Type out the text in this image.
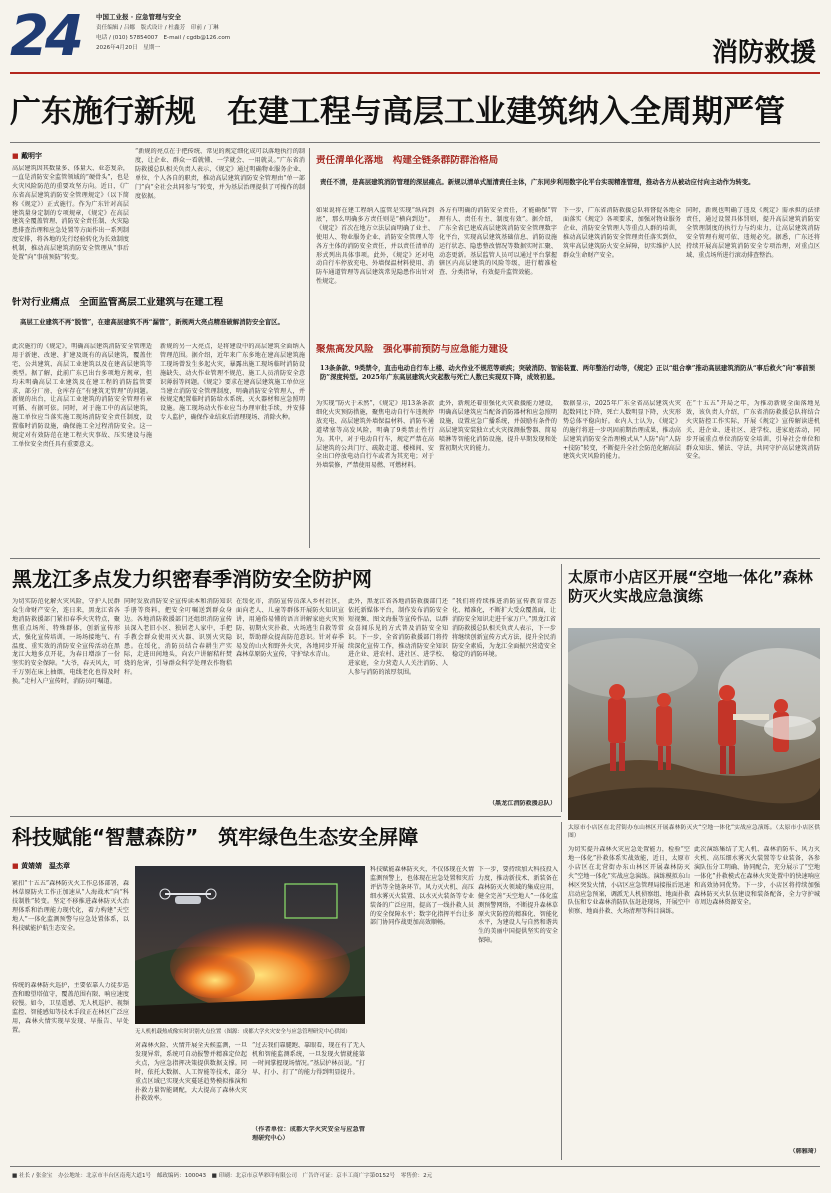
24	中国工业报 · 应急管理与安全
责任编辑 / 吕娜　版式设计 / 杜鑫芳　印前 / 丁琳
电话 / (010) 57854007　E-mail / cgdb@126.com
2026年4月20日　星期一	消防救援
广东施行新规　在建工程与高层工业建筑纳入全周期严管
■ 戴明宇
高层建筑因其数量多、体量大、业态复杂，一直是消防安全监管领域的“硬骨头”，也是火灾风险防范的重要攻坚方向。近日，《广东省高层建筑消防安全管理规定》（以下简称《规定》）正式施行。作为广东针对高层建筑量身定制的专项规章，《规定》在高层建筑全覆盖管理、消防安全责任制、火灾隐患排查治理和应急处置等方面作出一系列制度安排，将各地的先行经验转化为长效制度机制，推动高层建筑消防安全管理从“事后处置”向“事前预防”转变。
“新规的亮点在于把传统、常见的规定细化成可以落地执行的制度，让企业、群众一看就懂、一学就会、一用就灵。”广东省消防救援总队相关负责人表示，《规定》通过明确物业服务企业、单位、个人各自的职责，推动高层建筑消防安全管理由“单一部门”向“全社会共同参与”转变，并为基层治理提供了可操作的制度依据。
针对行业痛点　全面监管高层工业建筑与在建工程
高层工业建筑不再“脱管”，在建高层建筑不再“漏管”，新规两大亮点精准破解消防安全盲区。
此次施行的《规定》，明确高层建筑消防安全管理适用于新建、改建、扩建及既有的高层建筑，覆盖住宅、公共建筑、高层工业建筑以及在建高层建筑等类型。据了解，此前广东已出台多项地方规章，但均未明确高层工业建筑及在建工程的消防监管要求，部分厂房、仓库存在“有建筑无管理”的问题。新规的出台，让高层工业建筑的消防安全管理有章可循、有据可依。同时，对于施工中的高层建筑，施工单位应当落实施工现场消防安全责任制度，设置临时消防设施，确保施工全过程消防安全。这一规定对有效防范在建工程火灾事故、压实建设与施工单位安全责任具有重要意义。
新规的另一大亮点，是将建设中的高层建筑全面纳入管理范围。据介绍，近年来广东多地在建高层建筑施工现场曾发生多起火灾，暴露出施工现场临时消防设施缺失、动火作业管理不规范、施工人员消防安全意识薄弱等问题。《规定》要求在建高层建筑施工单位应当建立消防安全管理制度，明确消防安全管理人，并按规定配置临时消防给水系统、灭火器材和应急照明设施。施工现场动火作业应当办理审批手续，并安排专人监护，确保作业结束后清理现场、消除火种。
责任清单化落地　构建全链条群防群治格局
责任不清，是高层建筑消防管理的深层痛点。新规以清单式厘清责任主体，广东同步利用数字化平台实现精准管理，推动各方从被动应付向主动作为转变。
如果说将在建工程纳入监管是实现“纵向到底”，那么明确多方责任则是“横向到边”。《规定》首次在地方立法层面明确了业主、使用人、物业服务企业、消防安全管理人等各方主体的消防安全责任，并以责任清单的形式列出具体事项。此外，《规定》还对电动自行车停放充电、外墙保温材料使用、消防车通道管理等高层建筑常见隐患作出针对性规定。
各方有明确的消防安全责任，才能确保“管理有人、责任有主、制度有效”。据介绍，广东全省已建成高层建筑消防安全管理数字化平台，实现高层建筑基础信息、消防设施运行状态、隐患整改情况等数据实时汇聚、动态更新。基层监管人员可以通过平台掌握辖区内高层建筑的风险等级，进行精准检查、分类指导，有效提升监管效能。
下一步，广东省消防救援总队将督促各地全面落实《规定》各项要求，加强对物业服务企业、消防安全管理人等重点人群的培训，推动高层建筑消防安全管理责任落实到位，筑牢高层建筑防火安全屏障，切实维护人民群众生命财产安全。
同时，新规也明确了违反《规定》需承担的法律责任，通过设置具体罚则，提升高层建筑消防安全管理制度的执行力与约束力，让高层建筑消防安全管理有规可依、违规必究。据悉，广东还将持续开展高层建筑消防安全专项治理，对重点区域、重点场所进行滚动排查整治。
聚焦高发风险　强化事前预防与应急能力建设
13条条款、9类禁令，直击电动自行车上楼、动火作业不规范等顽疾；突破消防、智能装置、两年整治行动等，《规定》正以“组合拳”推动高层建筑消防从“事后救火”向“事前预防”深度转型。2025年广东高层建筑火灾起数与死亡人数已实现双下降，成效初显。
为实现“防火于未然”，《规定》用13条条款细化火灾预防措施，聚焦电动自行车违规停放充电、高层建筑外墙保温材料、消防车通道堵塞等高发风险，明确了9类禁止性行为。其中，对于电动自行车，规定严禁在高层建筑的公共门厅、疏散走道、楼梯间、安全出口停放电动自行车或者为其充电；对于外墙装修，严禁使用易燃、可燃材料。
此外，新规还着重强化火灾救援能力建设，明确高层建筑应当配备消防器材和应急照明设施，设置应急广播系统，并鼓励有条件的高层建筑安装独立式火灾探测报警器、简易喷淋等智能化消防设施，提升早期发现和处置初期火灾的能力。
数据显示，2025年广东全省高层建筑火灾起数同比下降，死亡人数明显下降，火灾形势总体平稳向好。业内人士认为，《规定》的施行将进一步巩固前期治理成果，推动高层建筑消防安全治理模式从“人防”向“人防+技防”转变，不断提升全社会防范化解高层建筑火灾风险的能力。
在“十五五”开局之年，为推动新规全面落地见效，该负责人介绍，广东省消防救援总队将结合火灾防控工作实际，开展《规定》宣传解读进机关、进企业、进社区、进学校、进家庭活动，同步开展重点单位消防安全培训，引导社会单位和群众知法、懂法、守法，共同守护高层建筑消防安全。
黑龙江多点发力织密春季消防安全防护网
为切实防范化解火灾风险，守护人民群众生命财产安全，连日来，黑龙江省各地消防救援部门紧扣春季火灾特点，聚焦重点场所、特殊群体，创新宣传形式，强化宣传培训，一场场接地气、有温度、重实效的消防安全宣传活动在黑龙江大地多点开花，为春日增添了一份坚实的安全保障。“大爷，春天风大，可千万别在床上抽烟，电线老化也得及时换。”走村入户宣传时，消防员叮嘱道。
同时发放消防安全宣传读本和消防知识手册等资料，把安全叮嘱送到群众身边。各地消防救援部门还组织消防宣传员深入老旧小区、独居老人家中，手把手教会群众使用灭火器、识别火灾隐患。在绥化，消防员结合春耕生产实际，走进田间地头，向农户讲解秸秆焚烧的危害，引导群众科学处理农作物秸秆。
在绥化市，消防宣传员深入乡村社区，面向老人、儿童等群体开展防火知识宣讲，用通俗易懂的语言讲解家庭火灾预防、初期火灾扑救、火场逃生自救等常识，帮助群众提高防范意识。针对春季易发的山火和野外火灾，各地同步开展森林草原防火宣传，守护绿水青山。
此外，黑龙江省各地消防救援部门还依托新媒体平台，制作发布消防安全短视频、图文海报等宣传作品，以群众喜闻乐见的方式普及消防安全知识。下一步，全省消防救援部门将持续深化宣传工作，推动消防安全知识进企业、进农村、进社区、进学校、进家庭，全力营造人人关注消防、人人参与消防的浓厚氛围。
“我们将持续推进消防宣传教育常态化、精准化，不断扩大受众覆盖面，让消防安全知识走进千家万户。”黑龙江省消防救援总队相关负责人表示，下一步将继续创新宣传方式方法，提升全民消防安全素质，为龙江全面振兴营造安全稳定的消防环境。
（黑龙江消防救援总队）
太原市小店区开展“空地一体化”森林防灭火实战应急演练
太原市小店区在北营街办东山林区开展森林防灭火“空地一体化”实战应急演练。（太原市小店区供图）
科技赋能“智慧森防”　筑牢绿色生态安全屏障
■ 黄婧婧　温杰章
紧扣“十五五”森林防灭火工作总体部署，森林草原防火工作正加速从“人海战术”向“科技制胜”转变。坚定不移推进森林防灭火治理体系和治理能力现代化，着力构建“天空地人”一体化监测预警与应急处置体系，以科技赋能护航生态安全。
传统的森林防火巡护，主要依靠人力徒步巡查和瞭望塔值守，覆盖范围有限、响应速度较慢。如今，卫星遥感、无人机巡护、视频监控、智能感知等技术手段正在林区广泛应用，森林火情实现早发现、早报告、早处置。	无人机机载热成像实时识别火点位置（图源：成都大学火灾安全与应急管理研究中心供图）
对森林火险、火情开展全天候监测，一旦发现异常，系统可自动报警并精准定位起火点，为应急指挥决策提供数据支撑。同时，依托大数据、人工智能等技术，部分重点区域已实现火灾蔓延趋势模拟推演和扑救力量智能调配，大大提高了森林火灾扑救效率。
“过去我们靠腿跑、靠眼看，现在有了无人机和智能监测系统，一旦发现火情就能第一时间掌握现场情况。”基层护林员说。“打早、打小、打了”的能力得到明显提升。
（作者单位：成都大学火灾安全与应急管理研究中心）
科技赋能森林防灭火，不仅体现在火情监测预警上，也体现在应急处置和灾后评估等全链条环节。风力灭火机、高压细水雾灭火装置、以水灭火装备等专业装备的广泛应用，提高了一线扑救人员的安全保障水平；数字化指挥平台让多部门协同作战更加高效顺畅。
为切实提升森林火灾应急处置能力，检验“空地一体化”扑救体系实战效能，近日，太原市小店区在北营街办东山林区开展森林防灭火“空地一体化”实战应急演练。演练模拟东山林区突发火情，小店区应急管理局接报后迅速启动应急预案，调派无人机侦察组、地面扑救队伍和专业森林消防队伍赶赴现场，开展空中侦察、地面扑救、火场清理等科目演练。
此次演练集结了无人机、森林消防车、风力灭火机、高压细水雾灭火装置等专业装备，各参演队伍分工明确、协同配合，充分展示了“空地一体化”扑救模式在森林火灾处置中的快速响应和高效协同优势。下一步，小店区将持续加强森林防灭火队伍建设和装备配备，全力守护城市周边森林资源安全。
（韩雅琦）
下一步，要持续加大科技投入力度，推动新技术、新装备在森林防灭火领域的集成应用，健全完善“天空地人”一体化监测预警网络，不断提升森林草原火灾防控的精准化、智能化水平，为建设人与自然和谐共生的美丽中国提供坚实的安全保障。
■ 社长 / 张金宝　办公地址：北京市丰台区南苑大道1号　邮政编码：100043　■ 印刷：北京市京华彩印有限公司　广告许可证：京丰工商广字第0152号　零售价：2元
